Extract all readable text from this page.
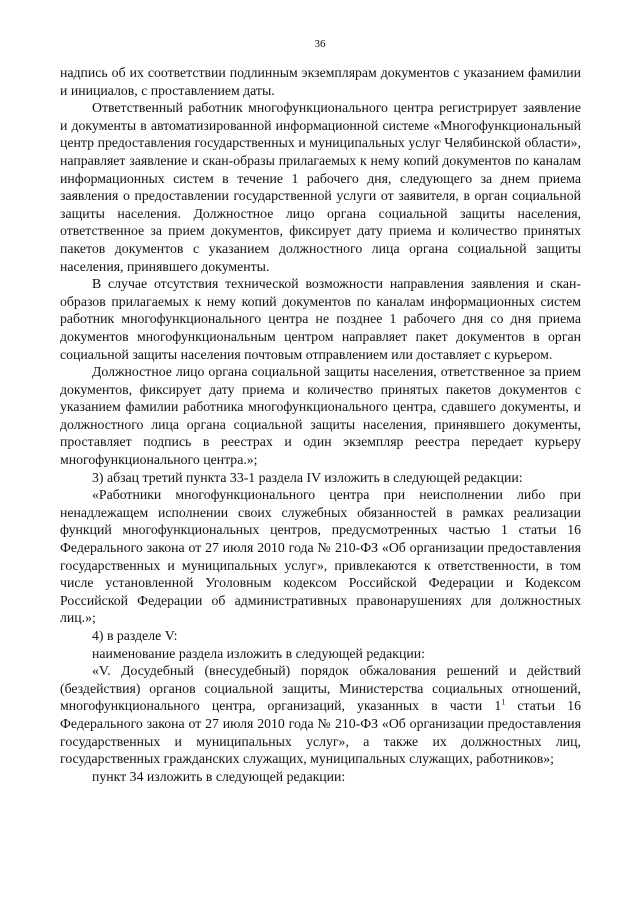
36

надпись об их соответствии подлинным экземплярам документов с указанием фамилии и инициалов, с проставлением даты.

Ответственный работник многофункционального центра регистрирует заявление и документы в автоматизированной информационной системе «Многофункциональный центр предоставления государственных и муниципальных услуг Челябинской области», направляет заявление и скан-образы прилагаемых к нему копий документов по каналам информационных систем в течение 1 рабочего дня, следующего за днем приема заявления о предоставлении государственной услуги от заявителя, в орган социальной защиты населения. Должностное лицо органа социальной защиты населения, ответственное за прием документов, фиксирует дату приема и количество принятых пакетов документов с указанием должностного лица органа социальной защиты населения, принявшего документы.

В случае отсутствия технической возможности направления заявления и скан-образов прилагаемых к нему копий документов по каналам информационных систем работник многофункционального центра не позднее 1 рабочего дня со дня приема документов многофункциональным центром направляет пакет документов в орган социальной защиты населения почтовым отправлением или доставляет с курьером.

Должностное лицо органа социальной защиты населения, ответственное за прием документов, фиксирует дату приема и количество принятых пакетов документов с указанием фамилии работника многофункционального центра, сдавшего документы, и должностного лица органа социальной защиты населения, принявшего документы, проставляет подпись в реестрах и один экземпляр реестра передает курьеру многофункционального центра.»;

3) абзац третий пункта 33-1 раздела IV изложить в следующей редакции:

«Работники многофункционального центра при неисполнении либо при ненадлежащем исполнении своих служебных обязанностей в рамках реализации функций многофункциональных центров, предусмотренных частью 1 статьи 16 Федерального закона от 27 июля 2010 года № 210-ФЗ «Об организации предоставления государственных и муниципальных услуг», привлекаются к ответственности, в том числе установленной Уголовным кодексом Российской Федерации и Кодексом Российской Федерации об административных правонарушениях для должностных лиц.»;

4) в разделе V:

наименование раздела изложить в следующей редакции:

«V. Досудебный (внесудебный) порядок обжалования решений и действий (бездействия) органов социальной защиты, Министерства социальных отношений, многофункционального центра, организаций, указанных в части $1^1$ статьи 16 Федерального закона от 27 июля 2010 года № 210-ФЗ «Об организации предоставления государственных и муниципальных услуг», а также их должностных лиц, государственных гражданских служащих, муниципальных служащих, работников»;

пункт 34 изложить в следующей редакции:
